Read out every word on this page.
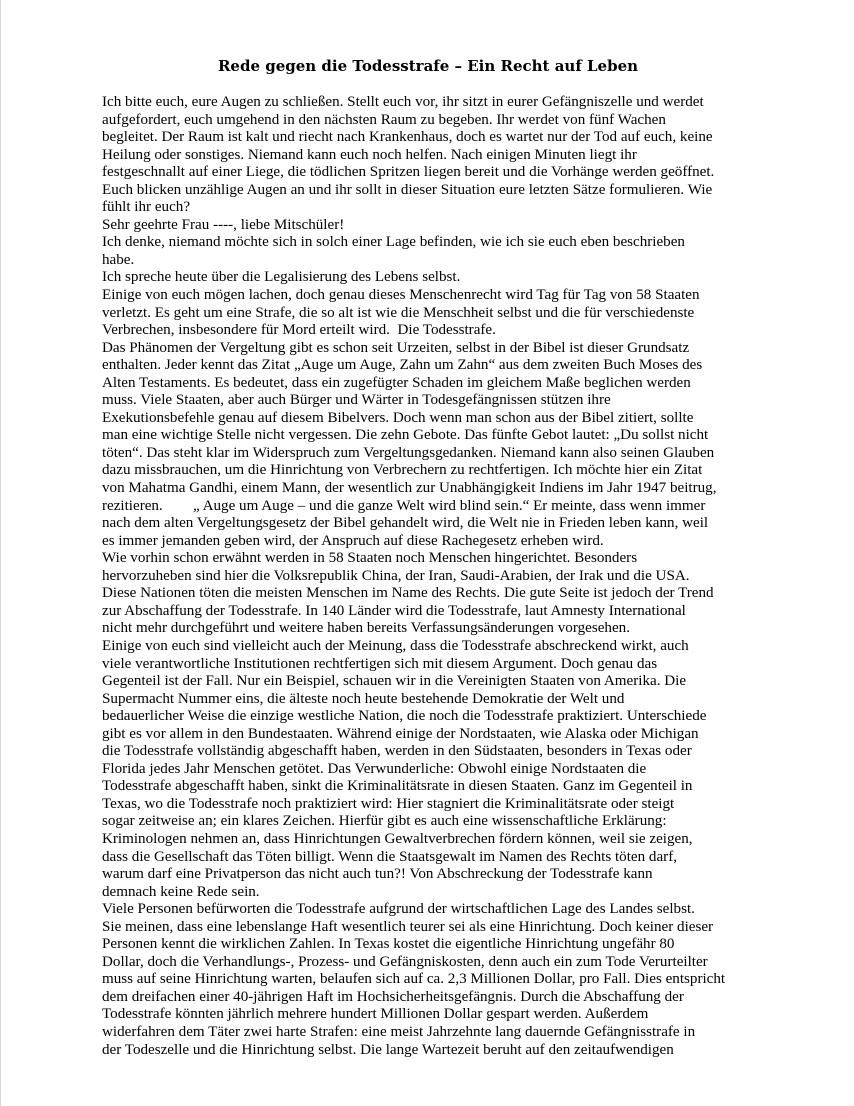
Rede gegen die Todesstrafe – Ein Recht auf Leben
Ich bitte euch, eure Augen zu schließen. Stellt euch vor, ihr sitzt in eurer Gefängniszelle und werdet
aufgefordert, euch umgehend in den nächsten Raum zu begeben. Ihr werdet von fünf Wachen
begleitet. Der Raum ist kalt und riecht nach Krankenhaus, doch es wartet nur der Tod auf euch, keine
Heilung oder sonstiges. Niemand kann euch noch helfen. Nach einigen Minuten liegt ihr
festgeschnallt auf einer Liege, die tödlichen Spritzen liegen bereit und die Vorhänge werden geöffnet.
Euch blicken unzählige Augen an und ihr sollt in dieser Situation eure letzten Sätze formulieren. Wie
fühlt ihr euch?
Sehr geehrte Frau ----, liebe Mitschüler!
Ich denke, niemand möchte sich in solch einer Lage befinden, wie ich sie euch eben beschrieben
habe.
Ich spreche heute über die Legalisierung des Lebens selbst.
Einige von euch mögen lachen, doch genau dieses Menschenrecht wird Tag für Tag von 58 Staaten
verletzt. Es geht um eine Strafe, die so alt ist wie die Menschheit selbst und die für verschiedenste
Verbrechen, insbesondere für Mord erteilt wird.  Die Todesstrafe.
Das Phänomen der Vergeltung gibt es schon seit Urzeiten, selbst in der Bibel ist dieser Grundsatz
enthalten. Jeder kennt das Zitat „Auge um Auge, Zahn um Zahn“ aus dem zweiten Buch Moses des
Alten Testaments. Es bedeutet, dass ein zugefügter Schaden im gleichem Maße beglichen werden
muss. Viele Staaten, aber auch Bürger und Wärter in Todesgefängnissen stützen ihre
Exekutionsbefehle genau auf diesem Bibelvers. Doch wenn man schon aus der Bibel zitiert, sollte
man eine wichtige Stelle nicht vergessen. Die zehn Gebote. Das fünfte Gebot lautet: „Du sollst nicht
töten“. Das steht klar im Widerspruch zum Vergeltungsgedanken. Niemand kann also seinen Glauben
dazu missbrauchen, um die Hinrichtung von Verbrechern zu rechtfertigen. Ich möchte hier ein Zitat
von Mahatma Gandhi, einem Mann, der wesentlich zur Unabhängigkeit Indiens im Jahr 1947 beitrug,
rezitieren.        „ Auge um Auge – und die ganze Welt wird blind sein.“ Er meinte, dass wenn immer
nach dem alten Vergeltungsgesetz der Bibel gehandelt wird, die Welt nie in Frieden leben kann, weil
es immer jemanden geben wird, der Anspruch auf diese Rachegesetz erheben wird.
Wie vorhin schon erwähnt werden in 58 Staaten noch Menschen hingerichtet. Besonders
hervorzuheben sind hier die Volksrepublik China, der Iran, Saudi-Arabien, der Irak und die USA.
Diese Nationen töten die meisten Menschen im Name des Rechts. Die gute Seite ist jedoch der Trend
zur Abschaffung der Todesstrafe. In 140 Länder wird die Todesstrafe, laut Amnesty International
nicht mehr durchgeführt und weitere haben bereits Verfassungsänderungen vorgesehen.
Einige von euch sind vielleicht auch der Meinung, dass die Todesstrafe abschreckend wirkt, auch
viele verantwortliche Institutionen rechtfertigen sich mit diesem Argument. Doch genau das
Gegenteil ist der Fall. Nur ein Beispiel, schauen wir in die Vereinigten Staaten von Amerika. Die
Supermacht Nummer eins, die älteste noch heute bestehende Demokratie der Welt und
bedauerlicher Weise die einzige westliche Nation, die noch die Todesstrafe praktiziert. Unterschiede
gibt es vor allem in den Bundestaaten. Während einige der Nordstaaten, wie Alaska oder Michigan
die Todesstrafe vollständig abgeschafft haben, werden in den Südstaaten, besonders in Texas oder
Florida jedes Jahr Menschen getötet. Das Verwunderliche: Obwohl einige Nordstaaten die
Todesstrafe abgeschafft haben, sinkt die Kriminalitätsrate in diesen Staaten. Ganz im Gegenteil in
Texas, wo die Todesstrafe noch praktiziert wird: Hier stagniert die Kriminalitätsrate oder steigt
sogar zeitweise an; ein klares Zeichen. Hierfür gibt es auch eine wissenschaftliche Erklärung:
Kriminologen nehmen an, dass Hinrichtungen Gewaltverbrechen fördern können, weil sie zeigen,
dass die Gesellschaft das Töten billigt. Wenn die Staatsgewalt im Namen des Rechts töten darf,
warum darf eine Privatperson das nicht auch tun?! Von Abschreckung der Todesstrafe kann
demnach keine Rede sein.
Viele Personen befürworten die Todesstrafe aufgrund der wirtschaftlichen Lage des Landes selbst.
Sie meinen, dass eine lebenslange Haft wesentlich teurer sei als eine Hinrichtung. Doch keiner dieser
Personen kennt die wirklichen Zahlen. In Texas kostet die eigentliche Hinrichtung ungefähr 80
Dollar, doch die Verhandlungs-, Prozess- und Gefängniskosten, denn auch ein zum Tode Verurteilter
muss auf seine Hinrichtung warten, belaufen sich auf ca. 2,3 Millionen Dollar, pro Fall. Dies entspricht
dem dreifachen einer 40-jährigen Haft im Hochsicherheitsgefängnis. Durch die Abschaffung der
Todesstrafe könnten jährlich mehrere hundert Millionen Dollar gespart werden. Außerdem
widerfahren dem Täter zwei harte Strafen: eine meist Jahrzehnte lang dauernde Gefängnisstrafe in
der Todeszelle und die Hinrichtung selbst. Die lange Wartezeit beruht auf den zeitaufwendigen
